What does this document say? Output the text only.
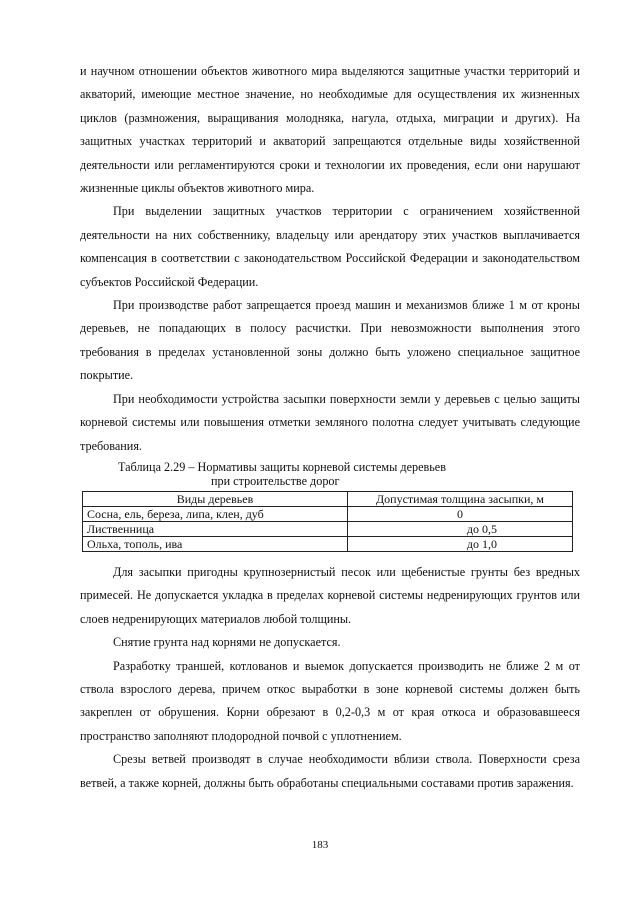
и научном отношении объектов животного мира выделяются защитные участки территорий и акваторий, имеющие местное значение, но необходимые для осуществления их жизненных циклов (размножения, выращивания молодняка, нагула, отдыха, миграции и других). На защитных участках территорий и акваторий запрещаются отдельные виды хозяйственной деятельности или регламентируются сроки и технологии их проведения, если они нарушают жизненные циклы объектов животного мира.

При выделении защитных участков территории с ограничением хозяйственной деятельности на них собственнику, владельцу или арендатору этих участков выплачивается компенсация в соответствии с законодательством Российской Федерации и законодательством субъектов Российской Федерации.

При производстве работ запрещается проезд машин и механизмов ближе 1 м от кроны деревьев, не попадающих в полосу расчистки. При невозможности выполнения этого требования в пределах установленной зоны должно быть уложено специальное защитное покрытие.

При необходимости устройства засыпки поверхности земли у деревьев с целью защиты корневой системы или повышения отметки земляного полотна следует учитывать следующие требования.

Таблица 2.29 – Нормативы защиты корневой системы деревьев
при строительстве дорог
Виды деревьев	Допустимая толщина засыпки, м
Сосна, ель, береза, липа, клен, дуб	0
Лиственница	до 0,5
Ольха, тополь, ива	до 1,0

Для засыпки пригодны крупнозернистый песок или щебенистые грунты без вредных примесей. Не допускается укладка в пределах корневой системы недренирующих грунтов или слоев недренирующих материалов любой толщины.

Снятие грунта над корнями не допускается.

Разработку траншей, котлованов и выемок допускается производить не ближе 2 м от ствола взрослого дерева, причем откос выработки в зоне корневой системы должен быть закреплен от обрушения. Корни обрезают в 0,2-0,3 м от края откоса и образовавшееся пространство заполняют плодородной почвой с уплотнением.

Срезы ветвей производят в случае необходимости вблизи ствола. Поверхности среза ветвей, а также корней, должны быть обработаны специальными составами против заражения.

183
